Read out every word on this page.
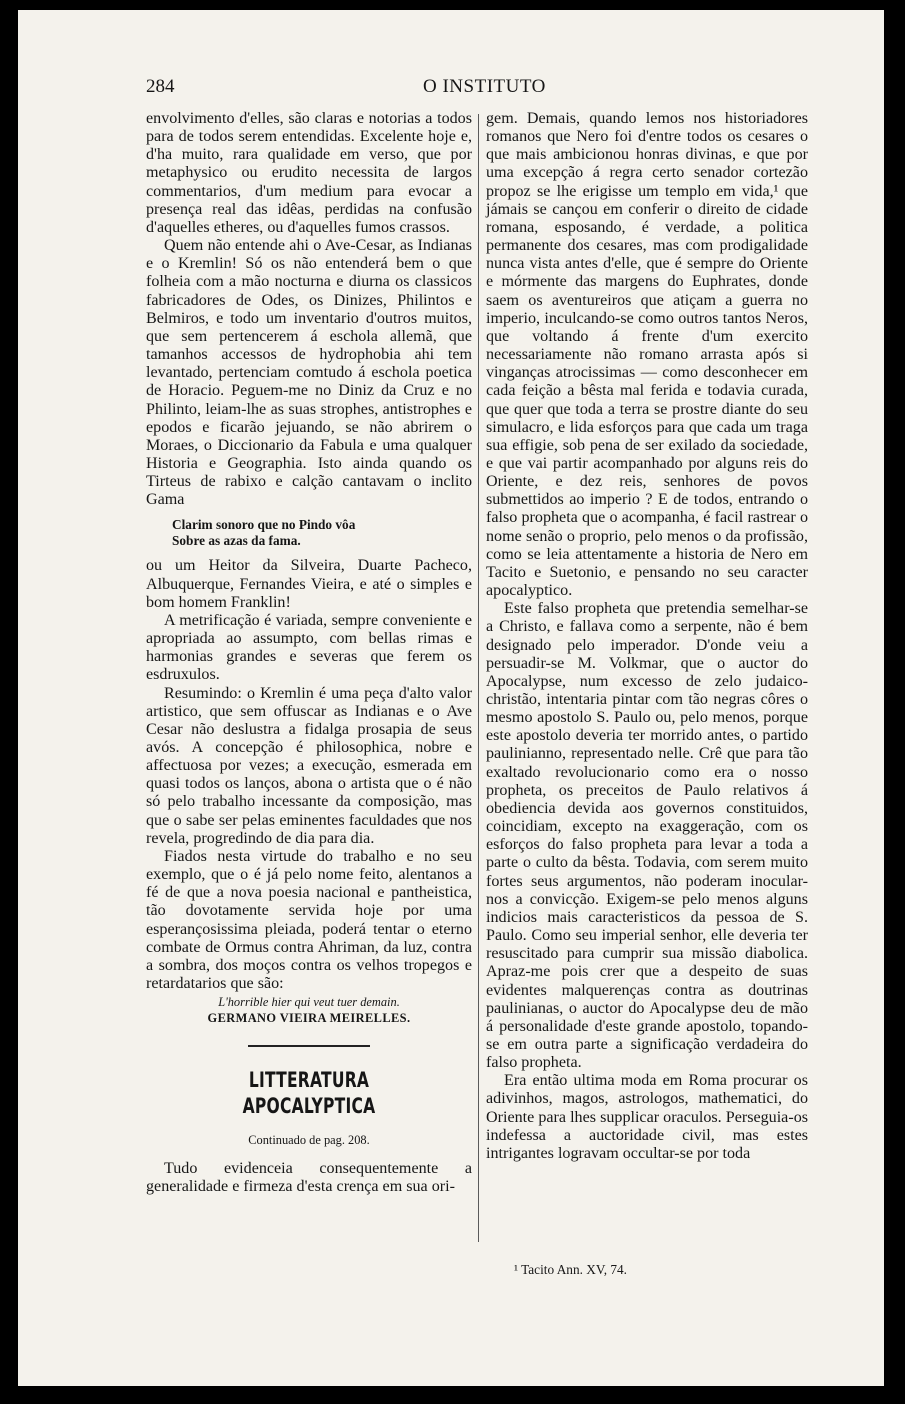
284	O INSTITUTO

envolvimento d'elles, são claras e notorias a todos para de todos serem entendidas. Excelente hoje e, d'ha muito, rara qualidade em verso, que por metaphysico ou erudito necessita de largos commentarios, d'um medium para evocar a presença real das idêas, perdidas na confusão d'aquelles etheres, ou d'aquelles fumos crassos.

Quem não entende ahi o Ave-Cesar, as Indianas e o Kremlin! Só os não entenderá bem o que folheia com a mão nocturna e diurna os classicos fabricadores de Odes, os Dinizes, Philintos e Belmiros, e todo um inventario d'outros muitos, que sem pertencerem á eschola allemã, que tamanhos accessos de hydrophobia ahi tem levantado, pertenciam comtudo á eschola poetica de Horacio. Peguem-me no Diniz da Cruz e no Philinto, leiam-lhe as suas strophes, antistrophes e epodos e ficarão jejuando, se não abrirem o Moraes, o Diccionario da Fabula e uma qualquer Historia e Geographia. Isto ainda quando os Tirteus de rabixo e calção cantavam o inclito Gama

Clarim sonoro que no Pindo vôa
Sobre as azas da fama.

ou um Heitor da Silveira, Duarte Pacheco, Albuquerque, Fernandes Vieira, e até o simples e bom homem Franklin!

A metrificação é variada, sempre conveniente e apropriada ao assumpto, com bellas rimas e harmonias grandes e severas que ferem os esdruxulos.

Resumindo: o Kremlin é uma peça d'alto valor artistico, que sem offuscar as Indianas e o Ave Cesar não deslustra a fidalga prosapia de seus avós. A concepção é philosophica, nobre e affectuosa por vezes; a execução, esmerada em quasi todos os lanços, abona o artista que o é não só pelo trabalho incessante da composição, mas que o sabe ser pelas eminentes faculdades que nos revela, progredindo de dia para dia.

Fiados nesta virtude do trabalho e no seu exemplo, que o é já pelo nome feito, alentanos a fé de que a nova poesia nacional e pantheistica, tão dovotamente servida hoje por uma esperançosissima pleiada, poderá tentar o eterno combate de Ormus contra Ahriman, da luz, contra a sombra, dos moços contra os velhos tropegos e retardatarios que são:

L'horrible hier qui veut tuer demain.
GERMANO VIEIRA MEIRELLES.
LITTERATURA APOCALYPTICA
Continuado de pag. 208.

Tudo evidenceia consequentemente a generalidade e firmeza d'esta crença em sua ori-

gem. Demais, quando lemos nos historiadores romanos que Nero foi d'entre todos os cesares o que mais ambicionou honras divinas, e que por uma excepção á regra certo senador cortezão propoz se lhe erigisse um templo em vida,¹ que jámais se cançou em conferir o direito de cidade romana, esposando, é verdade, a politica permanente dos cesares, mas com prodigalidade nunca vista antes d'elle, que é sempre do Oriente e mórmente das margens do Euphrates, donde saem os aventureiros que atiçam a guerra no imperio, inculcando-se como outros tantos Neros, que voltando á frente d'um exercito necessariamente não romano arrasta após si vinganças atrocissimas — como desconhecer em cada feição a bêsta mal ferida e todavia curada, que quer que toda a terra se prostre diante do seu simulacro, e lida esforços para que cada um traga sua effigie, sob pena de ser exilado da sociedade, e que vai partir acompanhado por alguns reis do Oriente, e dez reis, senhores de povos submettidos ao imperio ? E de todos, entrando o falso propheta que o acompanha, é facil rastrear o nome senão o proprio, pelo menos o da profissão, como se leia attentamente a historia de Nero em Tacito e Suetonio, e pensando no seu caracter apocalyptico.

Este falso propheta que pretendia semelhar-se a Christo, e fallava como a serpente, não é bem designado pelo imperador. D'onde veiu a persuadir-se M. Volkmar, que o auctor do Apocalypse, num excesso de zelo judaico-christão, intentaria pintar com tão negras côres o mesmo apostolo S. Paulo ou, pelo menos, porque este apostolo deveria ter morrido antes, o partido paulinianno, representado nelle. Crê que para tão exaltado revolucionario como era o nosso propheta, os preceitos de Paulo relativos á obediencia devida aos governos constituidos, coincidiam, excepto na exaggeração, com os esforços do falso propheta para levar a toda a parte o culto da bêsta. Todavia, com serem muito fortes seus argumentos, não poderam inocular-nos a convicção. Exigem-se pelo menos alguns indicios mais caracteristicos da pessoa de S. Paulo. Como seu imperial senhor, elle deveria ter resuscitado para cumprir sua missão diabolica. Apraz-me pois crer que a despeito de suas evidentes malquerenças contra as doutrinas paulinianas, o auctor do Apocalypse deu de mão á personalidade d'este grande apostolo, topando-se em outra parte a significação verdadeira do falso propheta.

Era então ultima moda em Roma procurar os adivinhos, magos, astrologos, mathematici, do Oriente para lhes supplicar oraculos. Perseguia-os indefessa a auctoridade civil, mas estes intrigantes logravam occultar-se por toda

¹ Tacito Ann. XV, 74.
